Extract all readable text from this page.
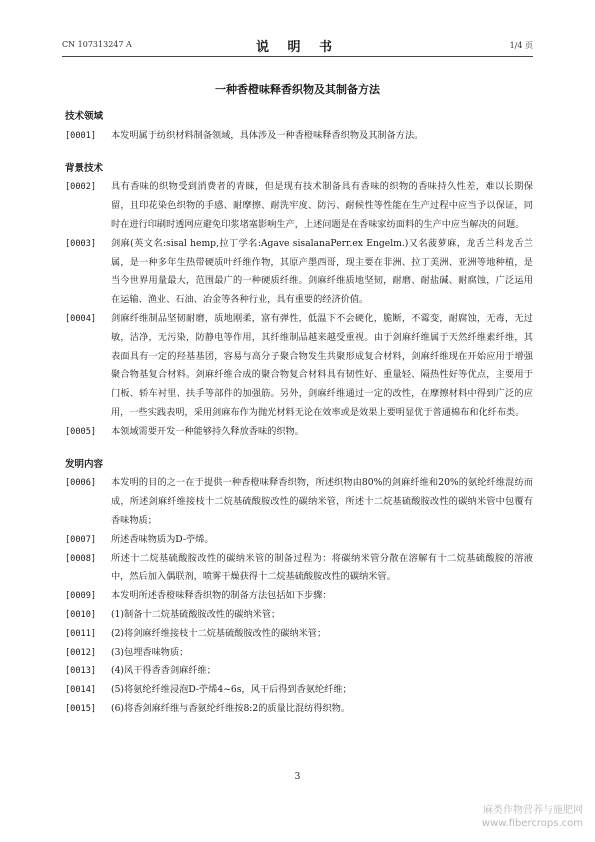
CN 107313247 A	说 明 书	1/4 页
一种香橙味释香织物及其制备方法
技术领域
[0001]	本发明属于纺织材料制备领域，具体涉及一种香橙味释香织物及其制备方法。
背景技术
[0002]	具有香味的织物受到消费者的青睐，但是现有技术制备具有香味的织物的香味持久性差，难以长期保留，且印花染色织物的手感、耐摩擦、耐洗牢度、防污、耐候性等性能在生产过程中应当予以保证，同时在进行印刷时透网应避免印浆堵塞影响生产，上述问题是在香味家纺面料的生产中应当解决的问题。
[0003]	剑麻(英文名:sisal hemp,拉丁学名:Agave sisalanaPerr.ex Engelm.)又名菠萝麻，龙舌兰科龙舌兰属，是一种多年生热带硬质叶纤维作物，其原产墨西哥，现主要在非洲、拉丁美洲、亚洲等地种植，是当今世界用量最大，范围最广的一种硬质纤维。剑麻纤维质地坚韧，耐磨、耐盐碱、耐腐蚀，广泛运用在运输、渔业、石油、冶金等各种行业，具有重要的经济价值。
[0004]	剑麻纤维制品坚韧耐磨，质地刚柔，富有弹性，低温下不会硬化，脆断，不霉变，耐腐蚀，无毒，无过敏，洁净，无污染，防静电等作用，其纤维制品越来越受重视。由于剑麻纤维属于天然纤维素纤维，其表面具有一定的羟基基团，容易与高分子聚合物发生共聚形成复合材料，剑麻纤维现在开始应用于增强聚合物基复合材料。剑麻纤维合成的聚合物复合材料具有韧性好、重量轻、隔热性好等优点，主要用于门板、轿车衬里、扶手等部件的加强筋。另外，剑麻纤维通过一定的改性，在摩擦材料中得到广泛的应用，一些实践表明，采用剑麻布作为抛光材料无论在效率或是效果上要明显优于普通棉布和化纤布类。
[0005]	本领域需要开发一种能够持久释放香味的织物。
发明内容
[0006]	本发明的目的之一在于提供一种香橙味释香织物，所述织物由80%的剑麻纤维和20%的氨纶纤维混纺而成，所述剑麻纤维接枝十二烷基硫酸胺改性的碳纳米管，所述十二烷基硫酸胺改性的碳纳米管中包覆有香味物质；
[0007]	所述香味物质为D-苧烯。
[0008]	所述十二烷基硫酸胺改性的碳纳米管的制备过程为：将碳纳米管分散在溶解有十二烷基硫酸胺的溶液中，然后加入偶联剂，喷雾干燥获得十二烷基硫酸胺改性的碳纳米管。
[0009]	本发明所述香橙味释香织物的制备方法包括如下步骤：
[0010]	(1)制备十二烷基硫酸胺改性的碳纳米管；
[0011]	(2)将剑麻纤维接枝十二烷基硫酸胺改性的碳纳米管；
[0012]	(3)包埋香味物质；
[0013]	(4)风干得香香剑麻纤维；
[0014]	(5)将氨纶纤维浸泡D-苧烯4~6s，风干后得到香氨纶纤维；
[0015]	(6)将香剑麻纤维与香氨纶纤维按8:2的质量比混纺得织物。
3
麻类作物营养与施肥网
www.fibercrops.com
